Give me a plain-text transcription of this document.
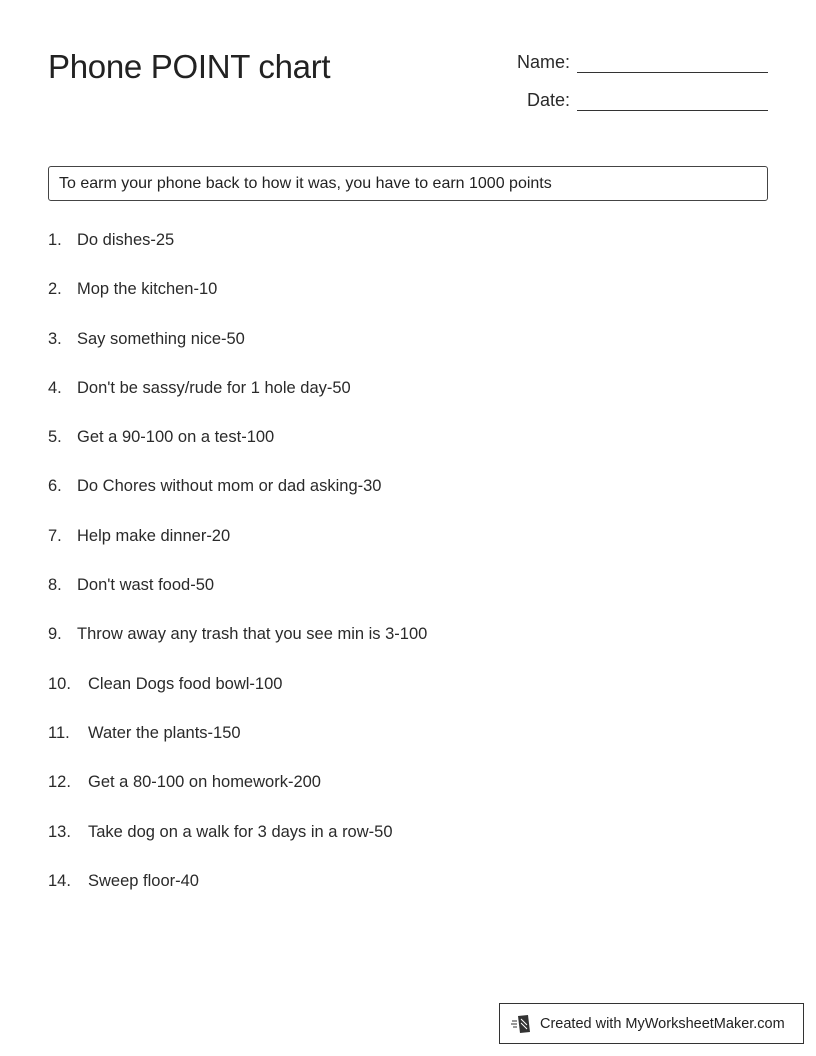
Phone POINT chart	Name:
Date:
To earm your phone back to how it was, you have to earn 1000 points
1. Do dishes-25
2. Mop the kitchen-10
3. Say something nice-50
4. Don't be sassy/rude for 1 hole day-50
5. Get a 90-100 on a test-100
6. Do Chores without mom or dad asking-30
7. Help make dinner-20
8. Don't wast food-50
9. Throw away any trash that you see min is 3-100
10.	Clean Dogs food bowl-100
11.	Water the plants-150
12.	Get a 80-100 on homework-200
13.	Take dog on a walk for 3 days in a row-50
14.	Sweep floor-40
Created with MyWorksheetMaker.com
